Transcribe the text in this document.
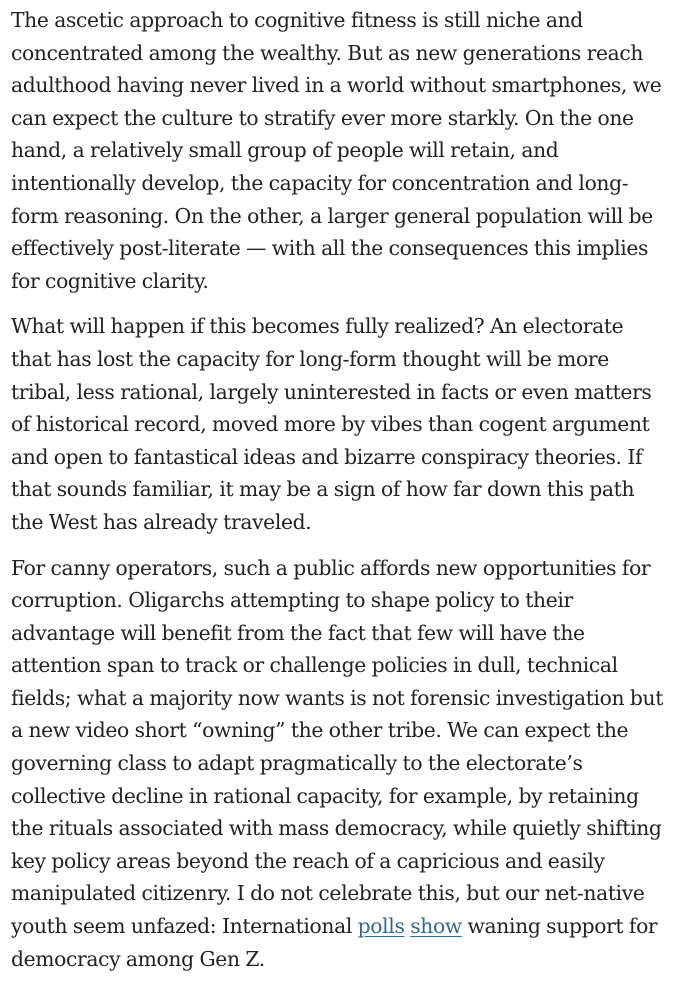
The ascetic approach to cognitive fitness is still niche and concentrated among the wealthy. But as new generations reach adulthood having never lived in a world without smartphones, we can expect the culture to stratify ever more starkly. On the one hand, a relatively small group of people will retain, and intentionally develop, the capacity for concentration and long-form reasoning. On the other, a larger general population will be effectively post-literate — with all the consequences this implies for cognitive clarity.

What will happen if this becomes fully realized? An electorate that has lost the capacity for long-form thought will be more tribal, less rational, largely uninterested in facts or even matters of historical record, moved more by vibes than cogent argument and open to fantastical ideas and bizarre conspiracy theories. If that sounds familiar, it may be a sign of how far down this path the West has already traveled.

For canny operators, such a public affords new opportunities for corruption. Oligarchs attempting to shape policy to their advantage will benefit from the fact that few will have the attention span to track or challenge policies in dull, technical fields; what a majority now wants is not forensic investigation but a new video short “owning” the other tribe. We can expect the governing class to adapt pragmatically to the electorate’s collective decline in rational capacity, for example, by retaining the rituals associated with mass democracy, while quietly shifting key policy areas beyond the reach of a capricious and easily manipulated citizenry. I do not celebrate this, but our net-native youth seem unfazed: International polls show waning support for democracy among Gen Z.
